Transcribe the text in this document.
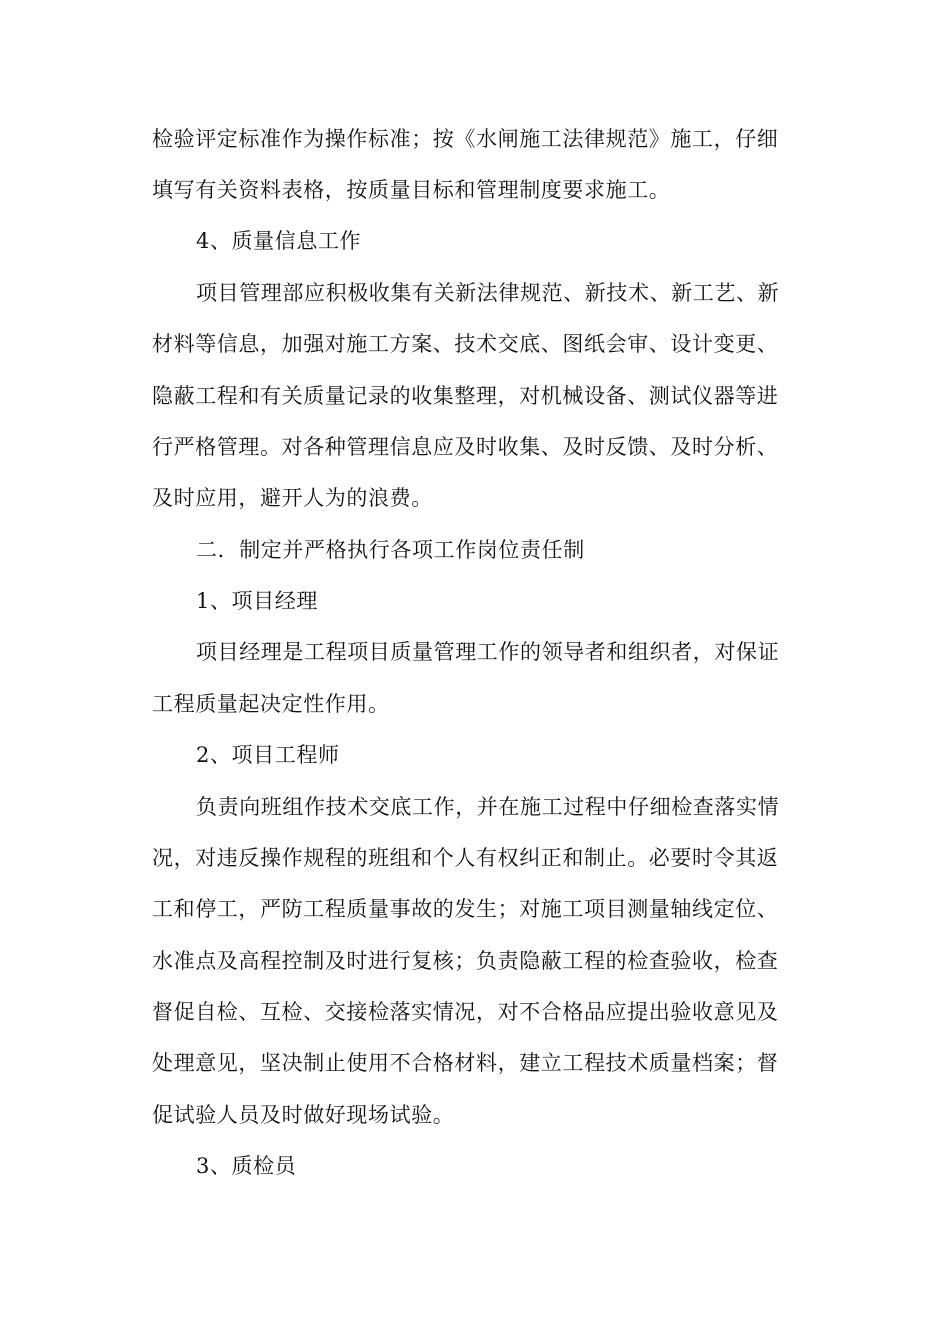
检验评定标准作为操作标准；按《水闸施工法律规范》施工，仔细
填写有关资料表格，按质量目标和管理制度要求施工。
4、质量信息工作
项目管理部应积极收集有关新法律规范、新技术、新工艺、新
材料等信息，加强对施工方案、技术交底、图纸会审、设计变更、
隐蔽工程和有关质量记录的收集整理，对机械设备、测试仪器等进
行严格管理。对各种管理信息应及时收集、及时反馈、及时分析、
及时应用，避开人为的浪费。
二．制定并严格执行各项工作岗位责任制
1、项目经理
项目经理是工程项目质量管理工作的领导者和组织者，对保证
工程质量起决定性作用。
2、项目工程师
负责向班组作技术交底工作，并在施工过程中仔细检查落实情
况，对违反操作规程的班组和个人有权纠正和制止。必要时令其返
工和停工，严防工程质量事故的发生；对施工项目测量轴线定位、
水准点及高程控制及时进行复核；负责隐蔽工程的检查验收，检查
督促自检、互检、交接检落实情况，对不合格品应提出验收意见及
处理意见，坚决制止使用不合格材料，建立工程技术质量档案；督
促试验人员及时做好现场试验。
3、质检员
